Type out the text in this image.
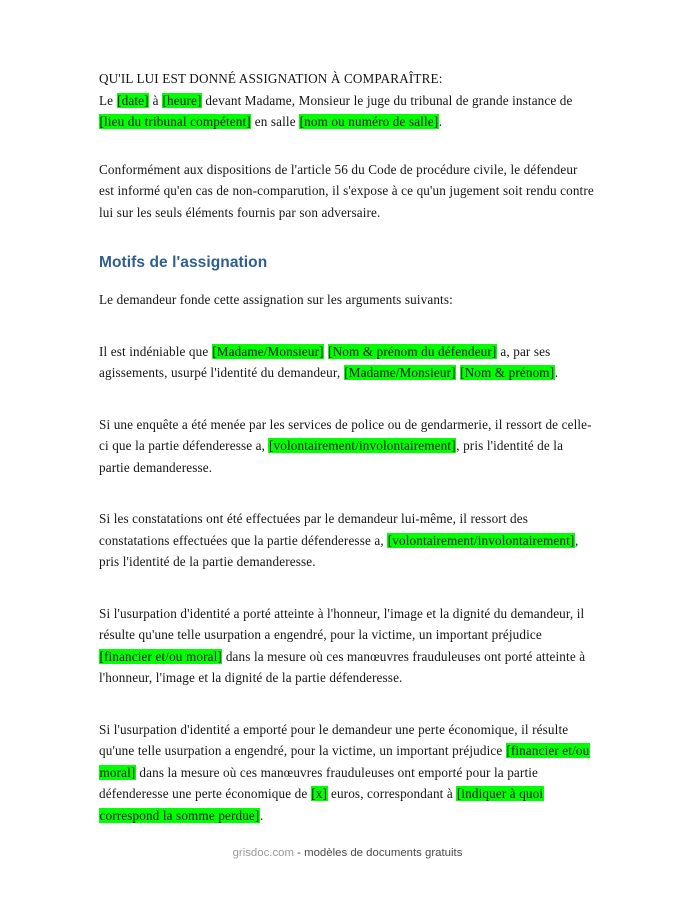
QU'IL LUI EST DONNÉ ASSIGNATION À COMPARAÎTRE:

Le [date] à [heure] devant Madame, Monsieur le juge du tribunal de grande instance de [lieu du tribunal compétent] en salle [nom ou numéro de salle].

Conformément aux dispositions de l'article 56 du Code de procédure civile, le défendeur est informé qu'en cas de non-comparution, il s'expose à ce qu'un jugement soit rendu contre lui sur les seuls éléments fournis par son adversaire.

Motifs de l'assignation

Le demandeur fonde cette assignation sur les arguments suivants:

Il est indéniable que [Madame/Monsieur] [Nom & prénom du défendeur] a, par ses agissements, usurpé l'identité du demandeur, [Madame/Monsieur] [Nom & prénom].

Si une enquête a été menée par les services de police ou de gendarmerie, il ressort de celle-ci que la partie défenderesse a, [volontairement/involontairement], pris l'identité de la partie demanderesse.

Si les constatations ont été effectuées par le demandeur lui-même, il ressort des constatations effectuées que la partie défenderesse a, [volontairement/involontairement], pris l'identité de la partie demanderesse.

Si l'usurpation d'identité a porté atteinte à l'honneur, l'image et la dignité du demandeur, il résulte qu'une telle usurpation a engendré, pour la victime, un important préjudice [financier et/ou moral] dans la mesure où ces manœuvres frauduleuses ont porté atteinte à l'honneur, l'image et la dignité de la partie défenderesse.

Si l'usurpation d'identité a emporté pour le demandeur une perte économique, il résulte qu'une telle usurpation a engendré, pour la victime, un important préjudice [financier et/ou moral] dans la mesure où ces manœuvres frauduleuses ont emporté pour la partie défenderesse une perte économique de [x] euros, correspondant à [indiquer à quoi correspond la somme perdue].

grisdoc.com - modèles de documents gratuits
